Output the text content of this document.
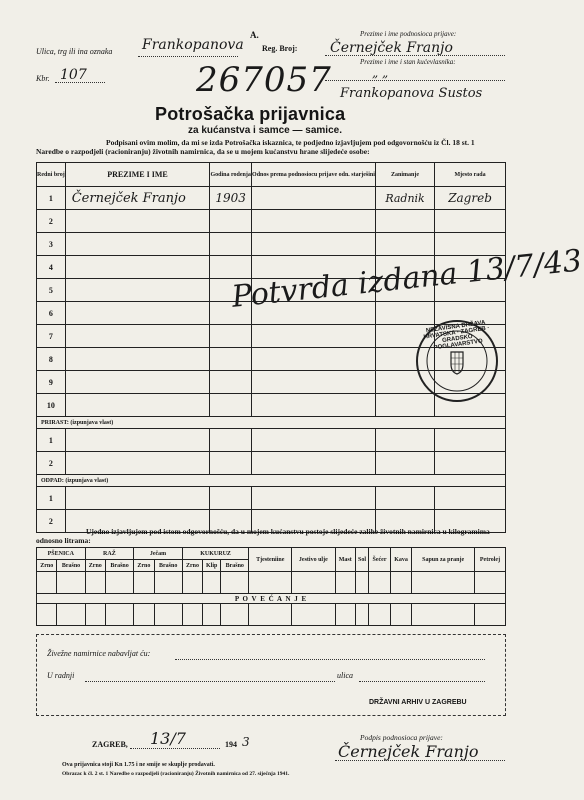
Ulica, trg ili ina oznaka Frankopanova
A.
Reg. Broj:
Kbr. 107	267057
Prezime i ime podnosioca prijave:
Černejček Franjo
Prezime i ime i stan kućevlasnika:
„ „
Frankopanova Sustos
Potrošačka prijavnica
za kućanstva i samce — samice.
Podpisani ovim molim, da mi se izda Potrošačka iskaznica, te podjedno izjavljujem pod odgovornošću iz Čl. 18 st. 1 Naredbe o razpodjeli (racioniranju) životnih namirnica, da se u mojem kućanstvu hrane slijedeće osobe:
Redni broj	PREZIME I IME	Godina rodenja	Odnos prema podnosiocu prijave odn. starješini	Zanimanje	Mjesto rada
1	Černejček Franjo	1903		Radnik	Zagreb
2					
3					
4					
5					
6					
7					
8					
9					
10					
PRIRAST: (izpunjava vlast)					
1					
2					
ODPAD: (izpunjava vlast)					
1					
2					
Potvrda izdana 13/7/43
NEZAVISNA DRŽAVA HRVATSKA · ZAGREB · GRADSKO POGLAVARSTVO
Ujedno izjavljujem pod istom odgovornošću, da u mojem kućanstvu postoje slijedeće zalihe životnih namirnica u kilogramima odnosno litrama:
PŠENICA		RAŽ		Ječam		KUKURUZ			Tjesteniine	Jestivo ulje	Mast	Sol	Šećer	Kava	Sapun za pranje	Petrolej
Zrno	Brašno	Zrno	Brašno	Zrno	Brašno	Zrno	Klip	Brašno								

P O V E Ć A N J E																

Živežne namirnice nabavljat ću:
U radnji	ulica
DRŽAVNI ARHIV U ZAGREBU
ZAGREB, 13/7	194 3	Podpis podnosioca prijave:
Černejček Franjo
Ova prijavnica stoji Kn 1.75 i ne smije se skuplje prodavati.
Obrazac k čl. 2 st. 1 Naredbe o razpodjeli (racioniranju) Životnih namirnica od 27. siječnja 1941.
